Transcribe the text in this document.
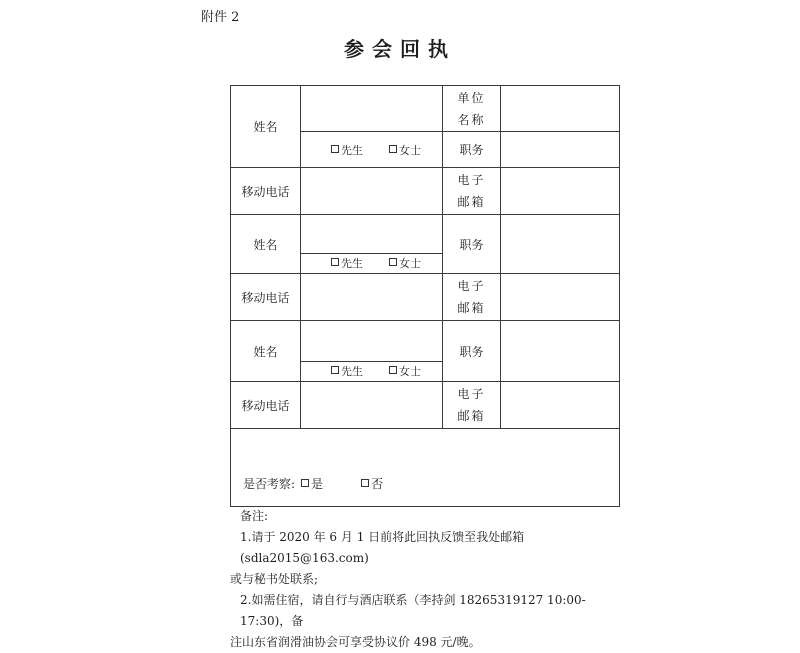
附件 2
参会回执
姓名		单位
名称	

	先生 女士	职务	
移动电话		电子
邮箱	

姓名	先生 女士	职务	
移动电话		电子
邮箱	

姓名	先生 女士	职务	
移动电话		电子
邮箱	

是否考察: 是 否			

备注:

1.请于 2020 年 6 月 1 日前将此回执反馈至我处邮箱(sdla2015@163.com)

或与秘书处联系;

2.如需住宿，请自行与酒店联系（李持剑 18265319127 10:00-17:30)，备

注山东省润滑油协会可享受协议价 498 元/晚。
